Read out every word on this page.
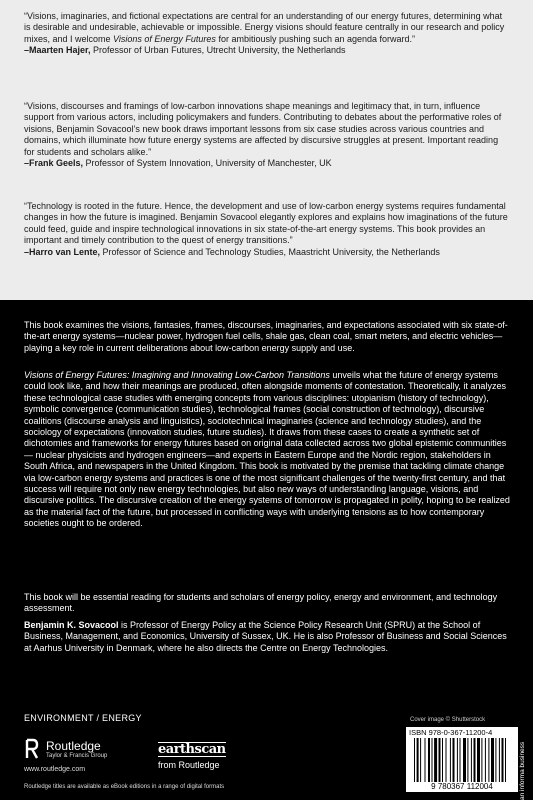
“Visions, imaginaries, and fictional expectations are central for an understanding of our energy futures, determining what is desirable and undesirable, achievable or impossible. Energy visions should feature centrally in our research and policy mixes, and I welcome Visions of Energy Futures for ambitiously pushing such an agenda forward.”

–Maarten Hajer, Professor of Urban Futures, Utrecht University, the Netherlands

“Visions, discourses and framings of low-carbon innovations shape meanings and legitimacy that, in turn, influence support from various actors, including policymakers and funders. Contributing to debates about the performative roles of visions, Benjamin Sovacool’s new book draws important lessons from six case studies across various countries and domains, which illuminate how future energy systems are affected by discursive struggles at present. Important reading for students and scholars alike.”

–Frank Geels, Professor of System Innovation, University of Manchester, UK

“Technology is rooted in the future. Hence, the development and use of low-carbon energy systems requires fundamental changes in how the future is imagined. Benjamin Sovacool elegantly explores and explains how imaginations of the future could feed, guide and inspire technological innovations in six state-of-the-art energy systems. This book provides an important and timely contribution to the quest of energy transitions.”

–Harro van Lente, Professor of Science and Technology Studies, Maastricht University, the Netherlands

This book examines the visions, fantasies, frames, discourses, imaginaries, and expectations associated with six state-of-the-art energy systems—nuclear power, hydrogen fuel cells, shale gas, clean coal, smart meters, and electric vehicles—playing a key role in current deliberations about low-carbon energy supply and use.

Visions of Energy Futures: Imagining and Innovating Low-Carbon Transitions unveils what the future of energy systems could look like, and how their meanings are produced, often alongside moments of contestation. Theoretically, it analyzes these technological case studies with emerging concepts from various disciplines: utopianism (history of technology), symbolic convergence (communication studies), technological frames (social construction of technology), discursive coalitions (discourse analysis and linguistics), sociotechnical imaginaries (science and technology studies), and the sociology of expectations (innovation studies, future studies). It draws from these cases to create a synthetic set of dichotomies and frameworks for energy futures based on original data collected across two global epistemic communities— nuclear physicists and hydrogen engineers—and experts in Eastern Europe and the Nordic region, stakeholders in South Africa, and newspapers in the United Kingdom. This book is motivated by the premise that tackling climate change via low-carbon energy systems and practices is one of the most significant challenges of the twenty-first century, and that success will require not only new energy technologies, but also new ways of understanding language, visions, and discursive politics. The discursive creation of the energy systems of tomorrow is propagated in polity, hoping to be realized as the material fact of the future, but processed in conflicting ways with underlying tensions as to how contemporary societies ought to be ordered.

This book will be essential reading for students and scholars of energy policy, energy and environment, and technology assessment.

Benjamin K. Sovacool is Professor of Energy Policy at the Science Policy Research Unit (SPRU) at the School of Business, Management, and Economics, University of Sussex, UK. He is also Professor of Business and Social Sciences at Aarhus University in Denmark, where he also directs the Centre on Energy Technologies.

ENVIRONMENT / ENERGY	Cover image © Shutterstock
Routledge
Taylor & Francis Group
www.routledge.com
earthscan
from Routledge
Routledge titles are available as eBook editions in a range of digital formats
ISBN 978-0-367-11200-4
9 780367 112004	an informa business
